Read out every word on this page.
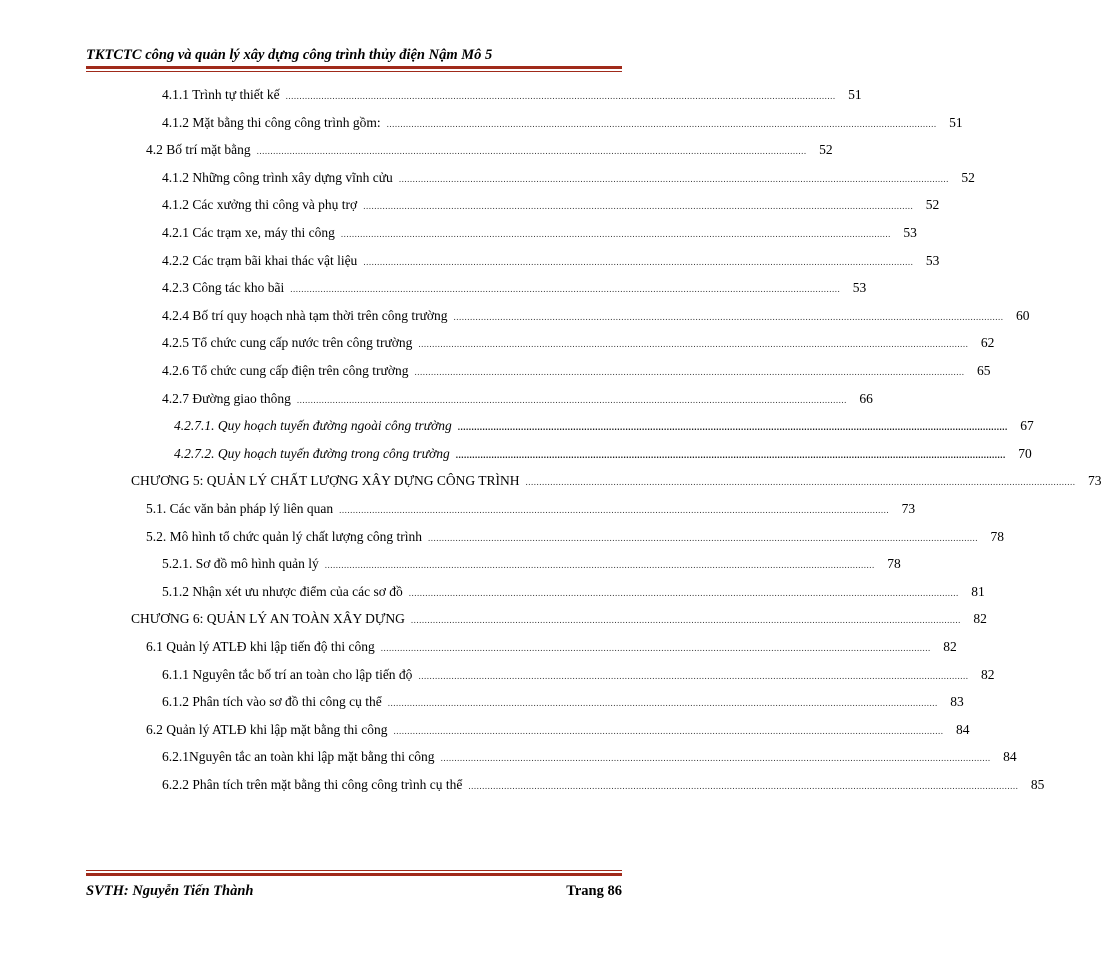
TKTCTC công và quản lý xây dựng công trình thủy điện Nậm Mô 5
4.1.1 Trình tự thiết kế ........................................................................................................................................................................................................ 51
4.1.2 Mặt bằng thi công công trình gồm: ........................................................................................................................................................................................................ 51
4.2 Bố trí mặt bằng ........................................................................................................................................................................................................ 52
4.1.2 Những công trình xây dựng vĩnh cửu ........................................................................................................................................................................................................ 52
4.1.2 Các xưởng thi công và phụ trợ ........................................................................................................................................................................................................ 52
4.2.1 Các trạm xe, máy thi công ........................................................................................................................................................................................................ 53
4.2.2 Các trạm bãi khai thác vật liệu ........................................................................................................................................................................................................ 53
4.2.3 Công tác kho bãi ........................................................................................................................................................................................................ 53
4.2.4 Bố trí quy hoạch nhà tạm thời trên công trường ........................................................................................................................................................................................................ 60
4.2.5 Tổ chức cung cấp nước trên công trường ........................................................................................................................................................................................................ 62
4.2.6 Tổ chức cung cấp điện trên công trường ........................................................................................................................................................................................................ 65
4.2.7 Đường giao thông ........................................................................................................................................................................................................ 66
4.2.7.1. Quy hoạch tuyến đường ngoài công trường ........................................................................................................................................................................................................ 67
4.2.7.2. Quy hoạch tuyến đường trong công trường ........................................................................................................................................................................................................ 70
CHƯƠNG 5: QUẢN LÝ CHẤT LƯỢNG XÂY DỰNG CÔNG TRÌNH ........................................................................................................................................................................................................ 73
5.1. Các văn bản pháp lý liên quan ........................................................................................................................................................................................................ 73
5.2. Mô hình tổ chức quản lý chất lượng công trình ........................................................................................................................................................................................................ 78
5.2.1. Sơ đồ mô hình quản lý ........................................................................................................................................................................................................ 78
5.1.2 Nhận xét ưu nhược điểm của các sơ đồ ........................................................................................................................................................................................................ 81
CHƯƠNG 6: QUẢN LÝ AN TOÀN XÂY DỰNG ........................................................................................................................................................................................................ 82
6.1 Quản lý ATLĐ khi lập tiến độ thi công ........................................................................................................................................................................................................ 82
6.1.1 Nguyên tắc bố trí an toàn cho lập tiến độ ........................................................................................................................................................................................................ 82
6.1.2 Phân tích vào sơ đồ thi công cụ thể ........................................................................................................................................................................................................ 83
6.2 Quản lý ATLĐ khi lập mặt bằng thi công ........................................................................................................................................................................................................ 84
6.2.1Nguyên tắc an toàn khi lập mặt bằng thi công ........................................................................................................................................................................................................ 84
6.2.2 Phân tích trên mặt bằng thi công công trình cụ thể ........................................................................................................................................................................................................ 85
SVTH: Nguyễn Tiến Thành	Trang 86
